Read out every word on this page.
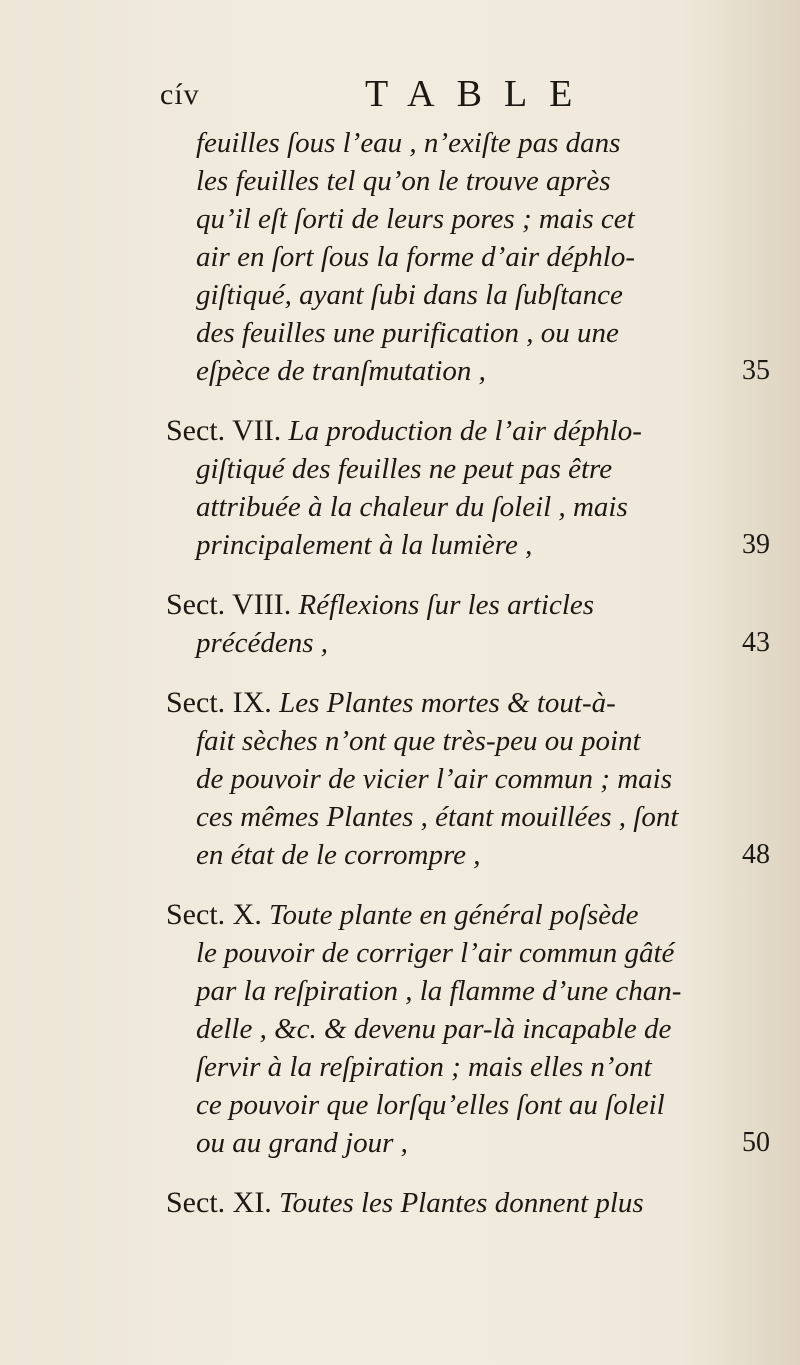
cív	TABLE
feuilles ſous l’eau , n’exiſte pas dans
les feuilles tel qu’on le trouve après
qu’il eſt ſorti de leurs pores ; mais cet
air en ſort ſous la forme d’air déphlo-
giſtiqué, ayant ſubi dans la ſubſtance
des feuilles une purification , ou une
eſpèce de tranſmutation ,	35
Sect. VII. La production de l’air déphlo-
giſtiqué des feuilles ne peut pas être
attribuée à la chaleur du ſoleil , mais
principalement à la lumière ,	39
Sect. VIII. Réflexions ſur les articles
précédens ,	43
Sect. IX. Les Plantes mortes & tout-à-
fait sèches n’ont que très-peu ou point
de pouvoir de vicier l’air commun ; mais
ces mêmes Plantes , étant mouillées , ſont
en état de le corrompre ,	48
Sect. X. Toute plante en général poſsède
le pouvoir de corriger l’air commun gâté
par la reſpiration , la flamme d’une chan-
delle , &c. & devenu par-là incapable de
ſervir à la reſpiration ; mais elles n’ont
ce pouvoir que lorſqu’elles ſont au ſoleil
ou au grand jour ,	50
Sect. XI. Toutes les Plantes donnent plus
